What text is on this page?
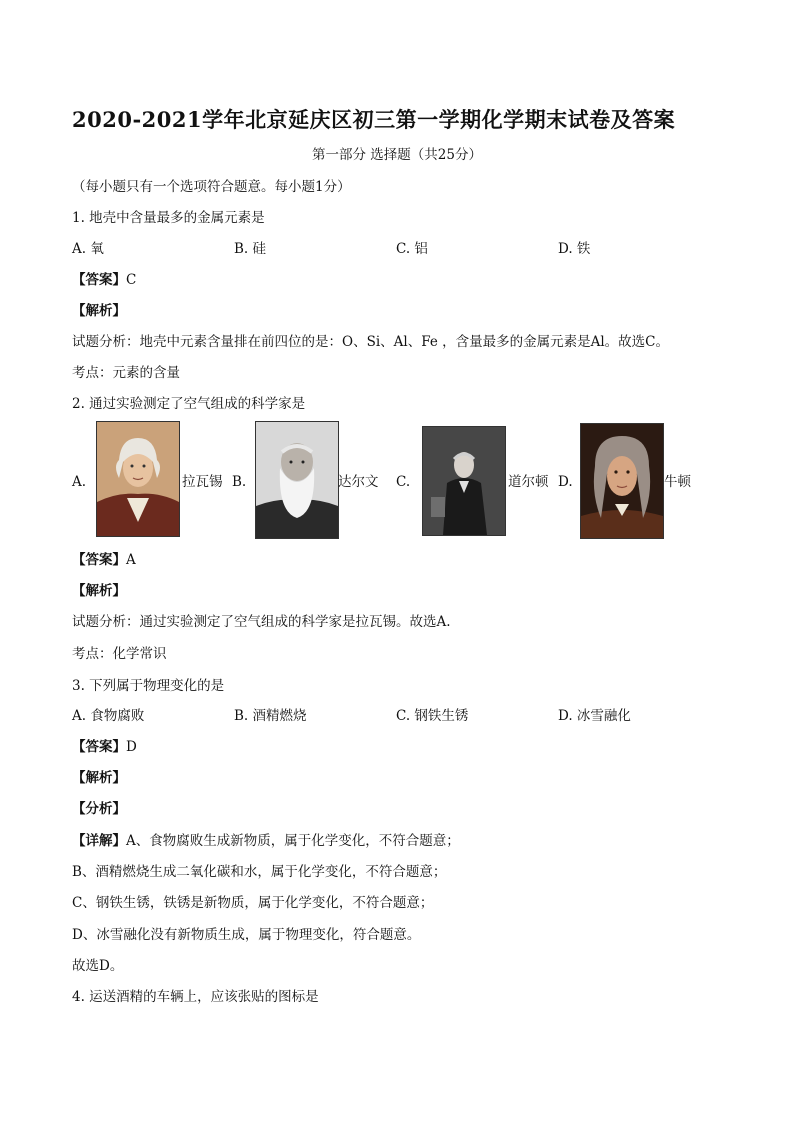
2020-2021学年北京延庆区初三第一学期化学期末试卷及答案
第一部分 选择题（共25分）
（每小题只有一个选项符合题意。每小题1分）
1. 地壳中含量最多的金属元素是
A. 氧	B. 硅	C. 铝	D. 铁
【答案】C
【解析】
试题分析：地壳中元素含量排在前四位的是：O、Si、Al、Fe ，含量最多的金属元素是Al。故选C。
考点：元素的含量
2. 通过实验测定了空气组成的科学家是
A.	拉瓦锡 B.	达尔文 C.	道尔顿 D.	牛顿
【答案】A
【解析】
试题分析：通过实验测定了空气组成的科学家是拉瓦锡。故选A.
考点：化学常识
3. 下列属于物理变化的是
A. 食物腐败	B. 酒精燃烧	C. 钢铁生锈	D. 冰雪融化
【答案】D
【解析】
【分析】
【详解】A、食物腐败生成新物质，属于化学变化，不符合题意；
B、酒精燃烧生成二氧化碳和水，属于化学变化，不符合题意；
C、钢铁生锈，铁锈是新物质，属于化学变化，不符合题意；
D、冰雪融化没有新物质生成，属于物理变化，符合题意。
故选D。
4. 运送酒精的车辆上，应该张贴的图标是
